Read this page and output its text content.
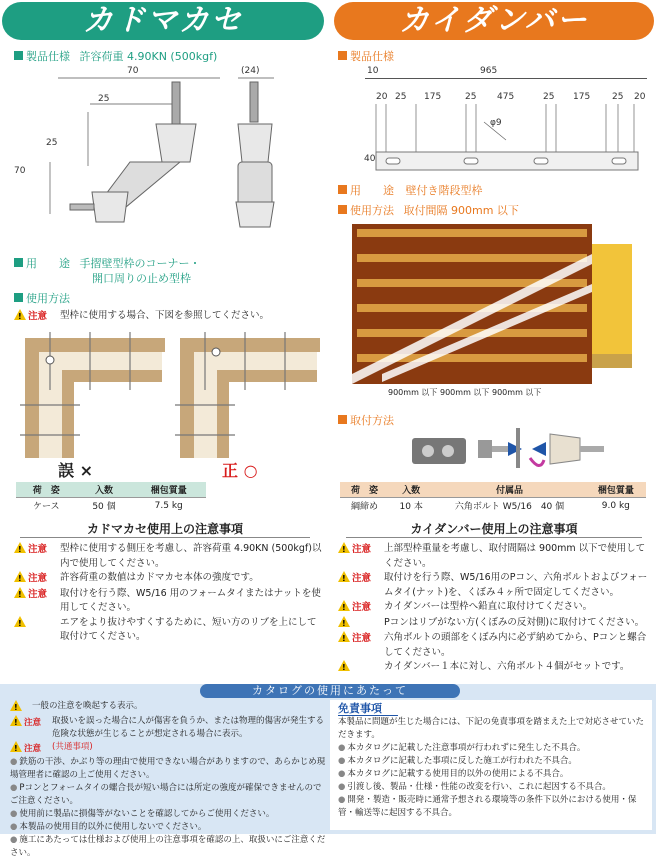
カドマカセ	カイダンバー
製品仕様 許容荷重 4.90KN (500kgf)
70	(24)
25
25
70
用　　途 手摺壁型枠のコーナー・
開口周りの止め型枠
使用方法
!注意	型枠に使用する場合、下図を参照してください。
誤 ×	正 ○
荷　姿	入数	梱包質量
ケース	50 個	7.5 kg
カドマカセ使用上の注意事項
!注意	型枠に使用する側圧を考慮し、許容荷重 4.90KN (500kgf)以内で使用してください。
!注意	許容荷重の数値はカドマカセ本体の強度です。
!注意	取付けを行う際、W5/16 用のフォームタイまたはナットを使用してください。
!
エアをより抜けやすくするために、短い方のリブを上にして取付けてください。
製品仕様
10	965
20 25 175	25 475	25 175 25 20
φ9
40
用　　途 壁付き階段型枠
使用方法 取付間隔 900mm 以下
900mm 以下 900mm 以下 900mm 以下
取付方法
荷　姿	入数	付属品	梱包質量
綱締め	10 本	六角ボルト W5/16　40 個	9.0 kg
カイダンバー使用上の注意事項
!注意	上部型枠重量を考慮し、取付間隔は 900mm 以下で使用してください。
!注意	取付けを行う際、W5/16用のPコン、六角ボルトおよびフォームタイ(ナット)を、くぼみ４ヶ所で固定してください。
!注意	カイダンバーは型枠へ鉛直に取付けてください。
!
Pコンはリブがない方(くぼみの反対側)に取付けてください。
!注意	六角ボルトの頭部をくぼみ内に必ず納めてから、Pコンと螺合してください。
!
カイダンバー１本に対し、六角ボルト４個がセットです。
カタログの使用にあたって
!
一般の注意を喚起する表示。
!注意	取扱いを誤った場合に人が傷害を負うか、または物理的傷害が発生する危険な状態が生じることが想定される場合に表示。
!注意	(共通事項)
● 鉄筋の干渉、かぶり等の理由で使用できない場合がありますので、あらかじめ現場管理者に確認の上ご使用ください。
● Pコンとフォームタイの螺合長が短い場合には所定の強度が確保できませんのでご注意ください。
● 使用前に製品に損傷等がないことを確認してからご使用ください。
● 本製品の使用目的以外に使用しないでください。
● 施工にあたっては仕様および使用上の注意事項を確認の上、取扱いにご注意ください。
免責事項
本製品に問題が生じた場合には、下記の免責事項を踏まえた上で対応させていただきます。
● 本カタログに記載した注意事項が行われずに発生した不具合。
● 本カタログに記載した事項に反した施工が行われた不具合。
● 本カタログに記載する使用目的以外の使用による不具合。
● 引渡し後、製品・仕様・性能の改変を行い、これに起因する不具合。
● 開発・製造・販売時に通常予想される環境等の条件下以外における使用・保管・輸送等に起因する不具合。
